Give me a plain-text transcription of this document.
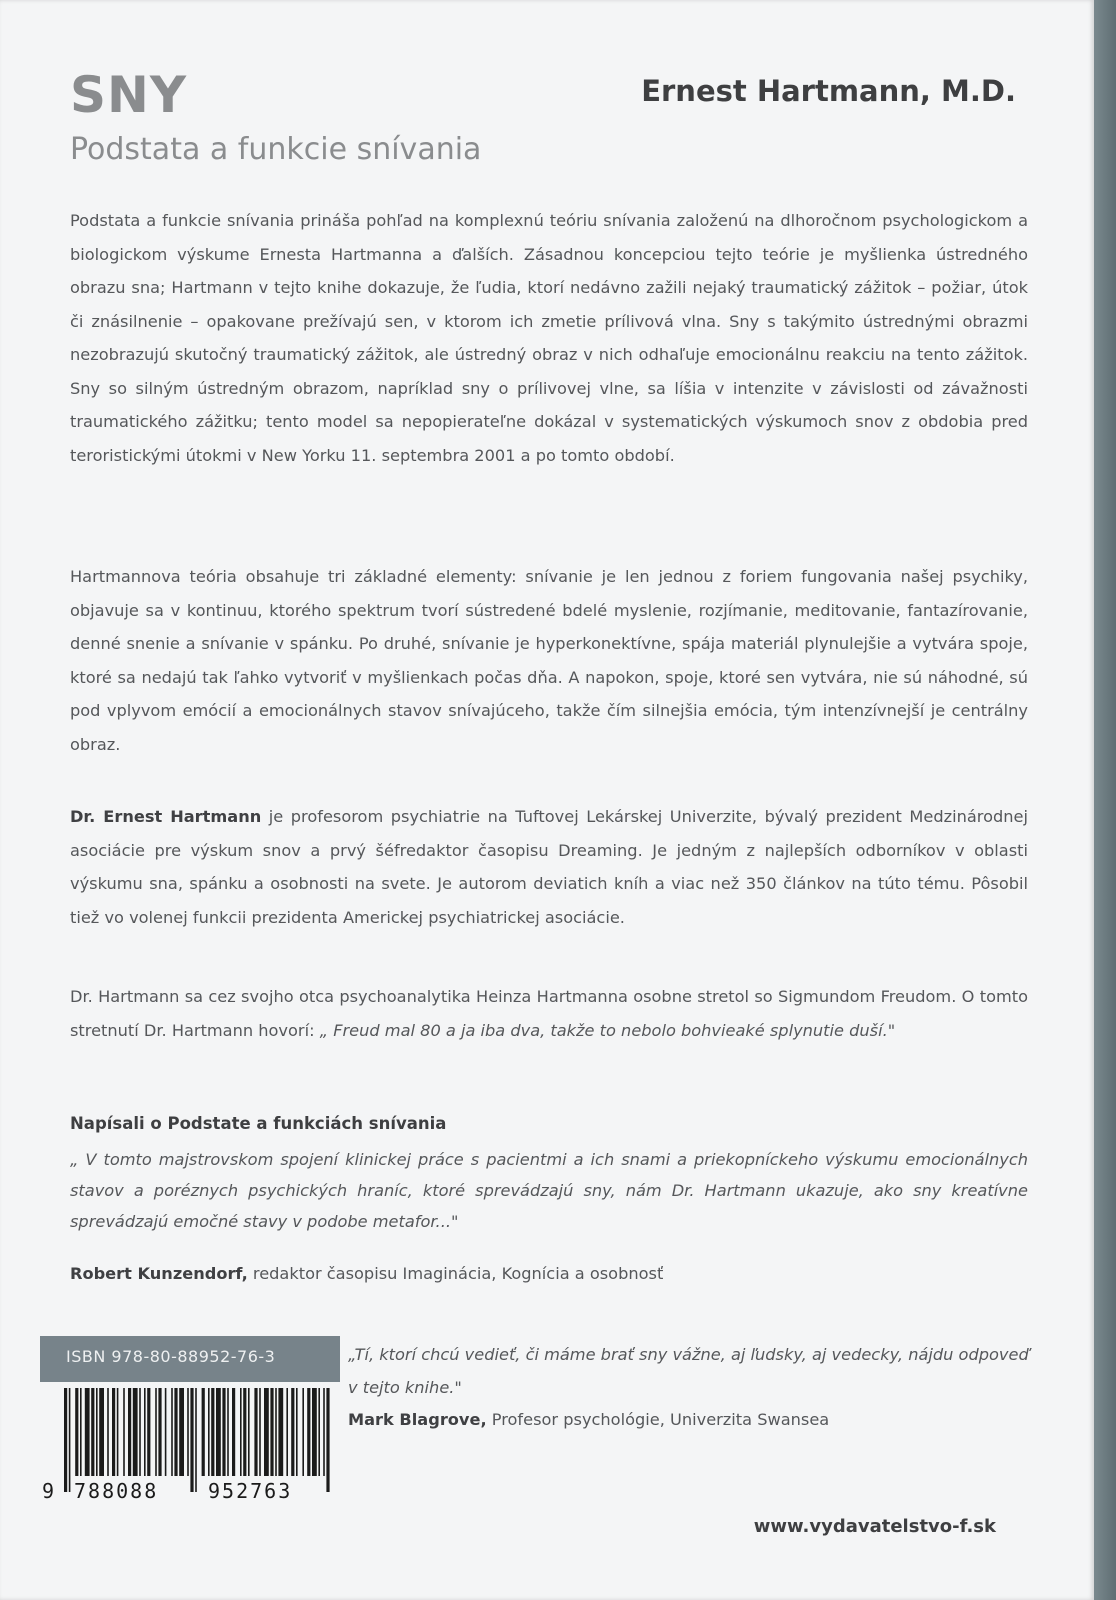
SNY
Podstata a funkcie snívania
Ernest Hartmann, M.D.

Podstata a funkcie snívania prináša pohľad na komplexnú teóriu snívania založenú na dlhoročnom psychologickom a biologickom výskume Ernesta Hartmanna a ďalších. Zásadnou koncepciou tejto teórie je myšlienka ústredného obrazu sna; Hartmann v tejto knihe dokazuje, že ľudia, ktorí nedávno zažili nejaký traumatický zážitok – požiar, útok či znásilnenie – opakovane prežívajú sen, v ktorom ich zmetie prílivová vlna. Sny s takýmito ústrednými obrazmi nezobrazujú skutočný traumatický zážitok, ale ústredný obraz v nich odhaľuje emocionálnu reakciu na tento zážitok. Sny so silným ústredným obrazom, napríklad sny o prílivovej vlne, sa líšia v intenzite v závislosti od závažnosti traumatického zážitku; tento model sa nepopierateľne dokázal v systematických výskumoch snov z obdobia pred teroristickými útokmi v New Yorku 11. septembra 2001 a po tomto období.

Hartmannova teória obsahuje tri základné elementy: snívanie je len jednou z foriem fungovania našej psychiky, objavuje sa v kontinuu, ktorého spektrum tvorí sústredené bdelé myslenie, rozjímanie, meditovanie, fantazírovanie, denné snenie a snívanie v spánku. Po druhé, snívanie je hyperkonektívne, spája materiál plynulejšie a vytvára spoje, ktoré sa nedajú tak ľahko vytvoriť v myšlienkach počas dňa. A napokon, spoje, ktoré sen vytvára, nie sú náhodné, sú pod vplyvom emócií a emocionálnych stavov snívajúceho, takže čím silnejšia emócia, tým intenzívnejší je centrálny obraz.

Dr. Ernest Hartmann je profesorom psychiatrie na Tuftovej Lekárskej Univerzite, bývalý prezident Medzinárodnej asociácie pre výskum snov a prvý šéfredaktor časopisu Dreaming. Je jedným z najlepších odborníkov v oblasti výskumu sna, spánku a osobnosti na svete. Je autorom deviatich kníh a viac než 350 článkov na túto tému. Pôsobil tiež vo volenej funkcii prezidenta Americkej psychiatrickej asociácie.

Dr. Hartmann sa cez svojho otca psychoanalytika Heinza Hartmanna osobne stretol so Sigmundom Freudom. O tomto stretnutí Dr. Hartmann hovorí: „ Freud mal 80 a ja iba dva, takže to nebolo bohvieaké splynutie duší."

Napísali o Podstate a funkciách snívania

„ V tomto majstrovskom spojení klinickej práce s pacientmi a ich snami a priekopníckeho výskumu emocionálnych stavov a poréznych psychických hraníc, ktoré sprevádzajú sny, nám Dr. Hartmann ukazuje, ako sny kreatívne sprevádzajú emočné stavy v podobe metafor..."

Robert Kunzendorf, redaktor časopisu Imaginácia, Kognícia a osobnosť
ISBN 978-80-88952-76-3
9 788088 952763

„Tí, ktorí chcú vedieť, či máme brať sny vážne, aj ľudsky, aj vedecky, nájdu odpoveď v tejto knihe."

Mark Blagrove, Profesor psychológie, Univerzita Swansea
www.vydavatelstvo-f.sk
